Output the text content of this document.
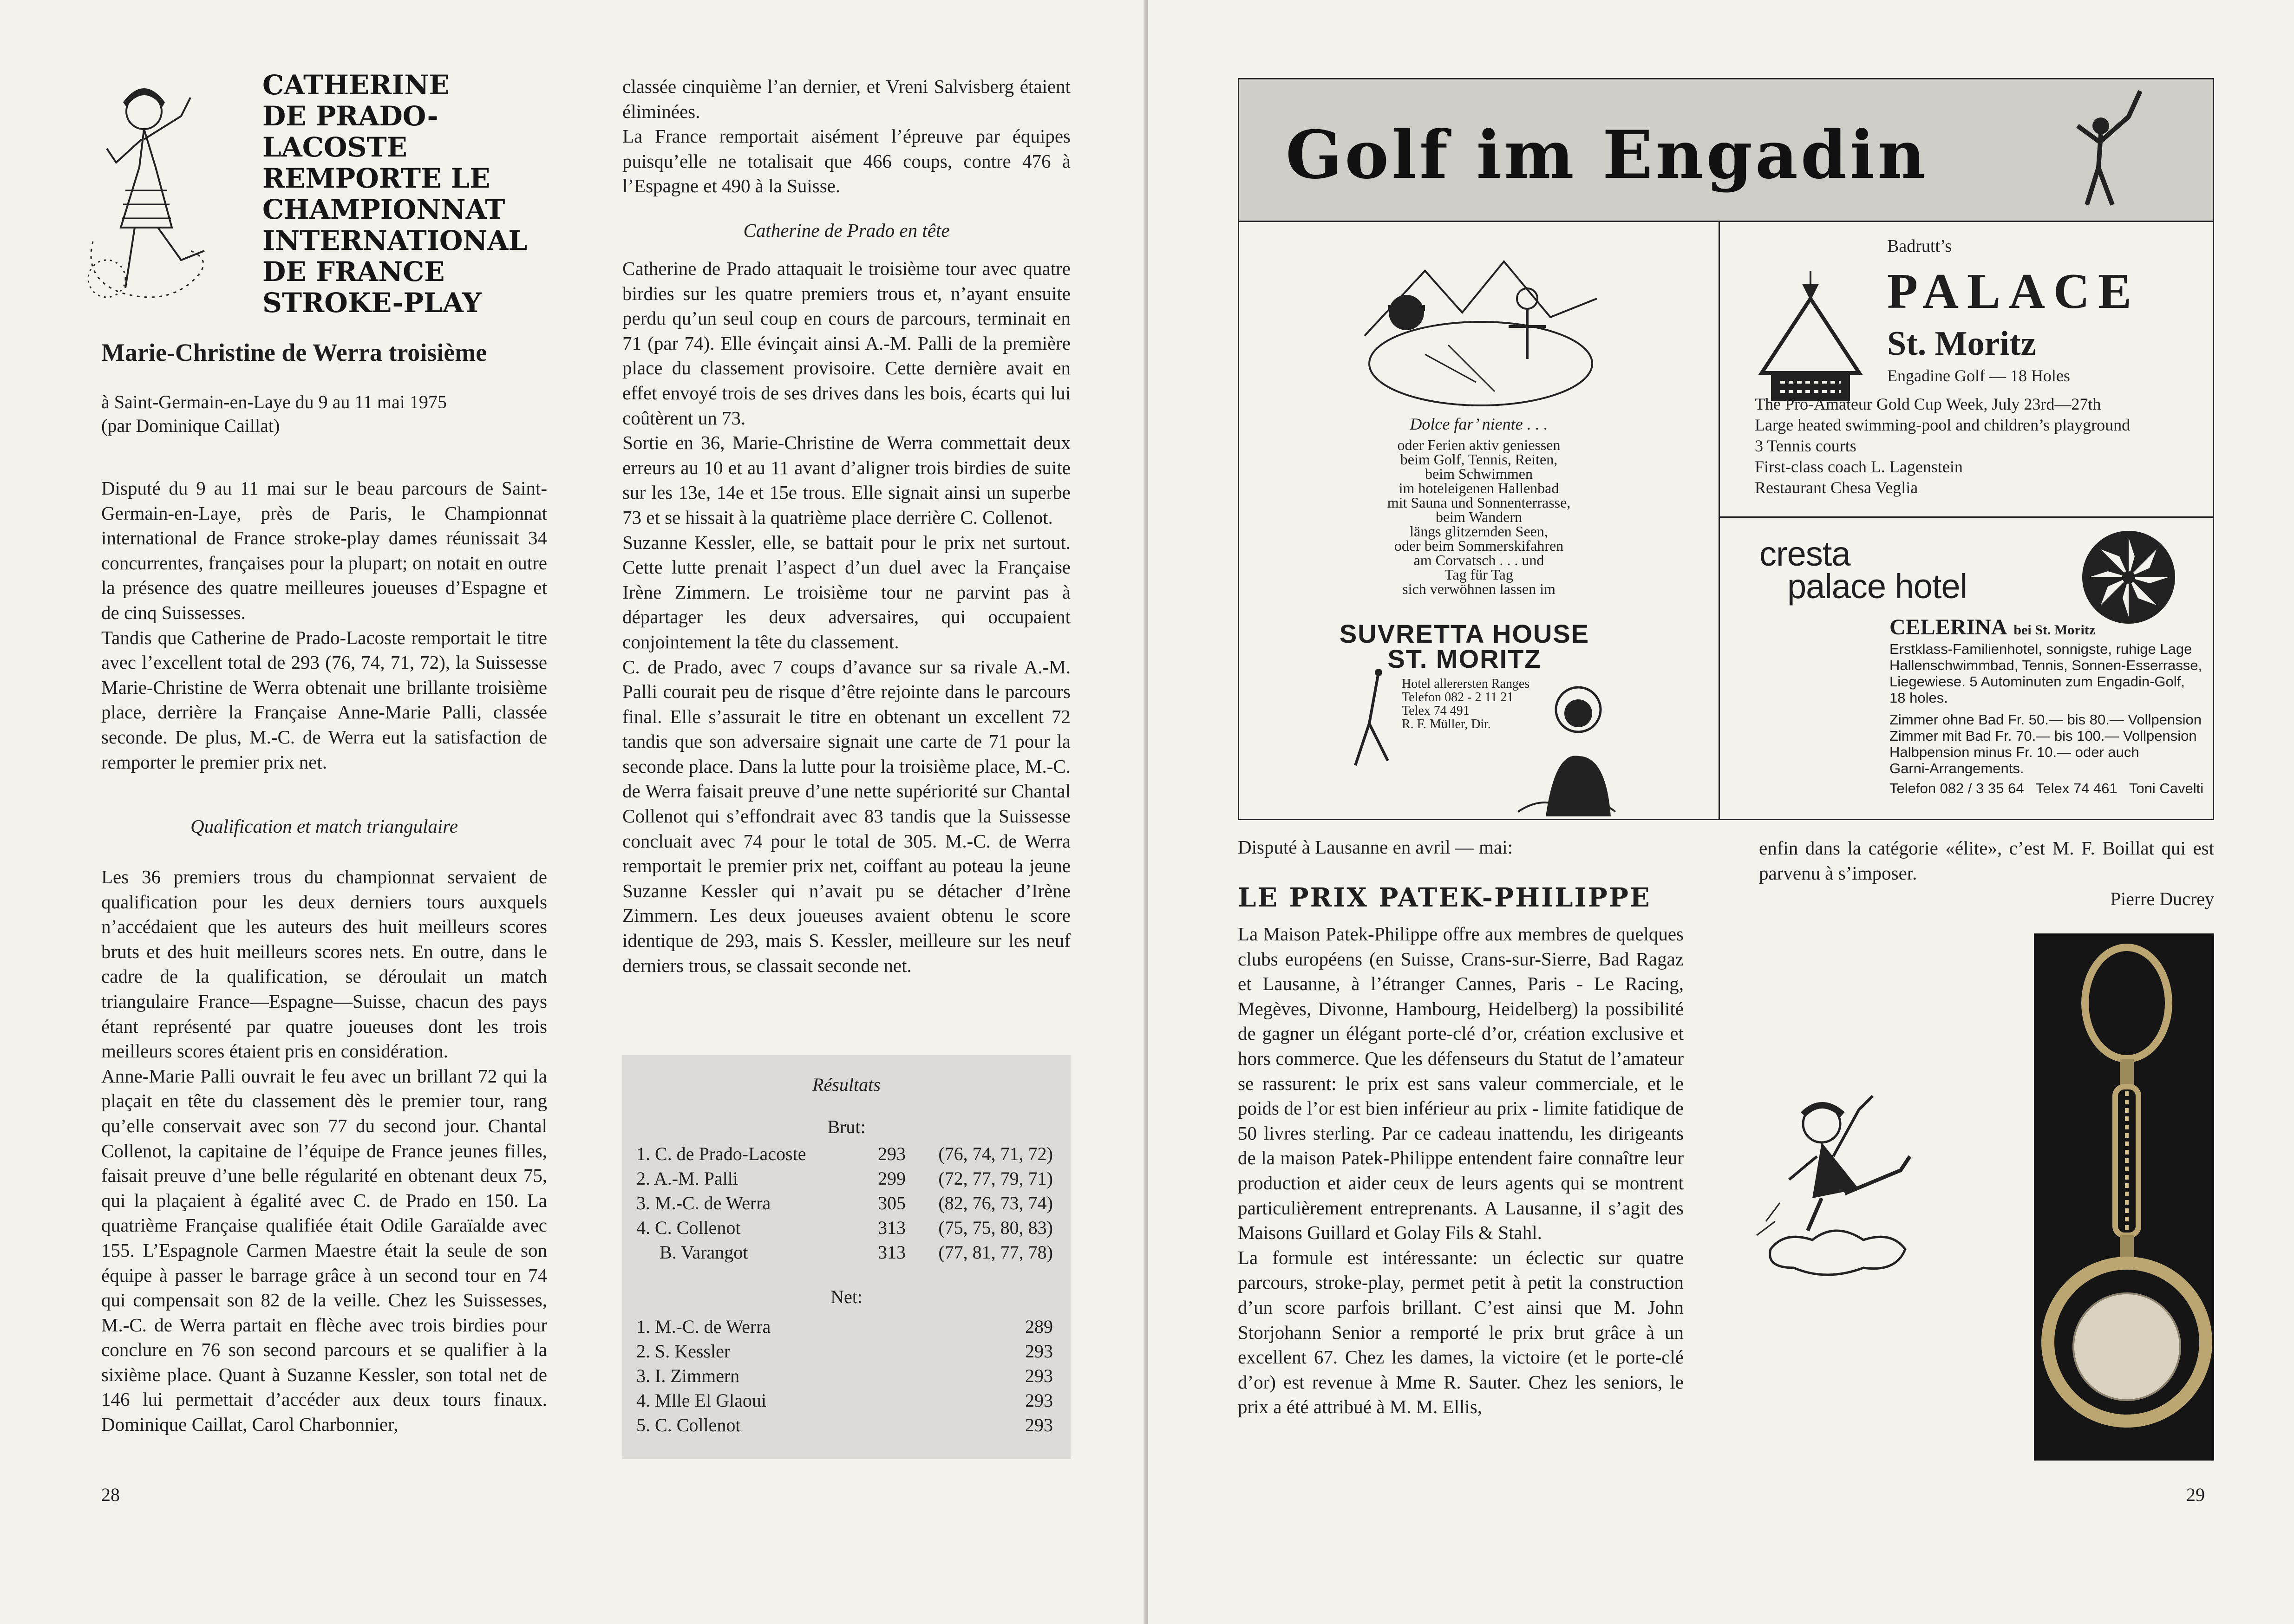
CATHERINE
DE PRADO-LACOSTE
REMPORTE LE
CHAMPIONNAT
INTERNATIONAL
DE FRANCE
STROKE-PLAY
Marie-Christine de Werra troisième
à Saint-Germain-en-Laye du 9 au 11 mai 1975
(par Dominique Caillat)

Disputé du 9 au 11 mai sur le beau parcours de Saint-Germain-en-Laye, près de Paris, le Championnat international de France stroke-play dames réunissait 34 concurrentes, françaises pour la plupart; on notait en outre la présence des quatre meilleures joueuses d’Espagne et de cinq Suissesses.

Tandis que Catherine de Prado-Lacoste remportait le titre avec l’excellent total de 293 (76, 74, 71, 72), la Suissesse Marie-Christine de Werra obtenait une brillante troisième place, derrière la Française Anne-Marie Palli, classée seconde. De plus, M.-C. de Werra eut la satisfaction de remporter le premier prix net.

Qualification et match triangulaire

Les 36 premiers trous du championnat servaient de qualification pour les deux derniers tours auxquels n’accédaient que les auteurs des huit meilleurs scores bruts et des huit meilleurs scores nets. En outre, dans le cadre de la qualification, se déroulait un match triangulaire France—Espagne—Suisse, chacun des pays étant représenté par quatre joueuses dont les trois meilleurs scores étaient pris en considération.

Anne-Marie Palli ouvrait le feu avec un brillant 72 qui la plaçait en tête du classement dès le premier tour, rang qu’elle conservait avec son 77 du second jour. Chantal Collenot, la capitaine de l’équipe de France jeunes filles, faisait preuve d’une belle régularité en obtenant deux 75, qui la plaçaient à égalité avec C. de Prado en 150. La quatrième Française qualifiée était Odile Garaïalde avec 155. L’Espagnole Carmen Maestre était la seule de son équipe à passer le barrage grâce à un second tour en 74 qui compensait son 82 de la veille. Chez les Suissesses, M.-C. de Werra partait en flèche avec trois birdies pour conclure en 76 son second parcours et se qualifier à la sixième place. Quant à Suzanne Kessler, son total net de 146 lui permettait d’accéder aux deux tours finaux. Dominique Caillat, Carol Charbonnier,

classée cinquième l’an dernier, et Vreni Salvisberg étaient éliminées.

La France remportait aisément l’épreuve par équipes puisqu’elle ne totalisait que 466 coups, contre 476 à l’Espagne et 490 à la Suisse.

Catherine de Prado en tête

Catherine de Prado attaquait le troisième tour avec quatre birdies sur les quatre premiers trous et, n’ayant ensuite perdu qu’un seul coup en cours de parcours, terminait en 71 (par 74). Elle évinçait ainsi A.-M. Palli de la première place du classement provisoire. Cette dernière avait en effet envoyé trois de ses drives dans les bois, écarts qui lui coûtèrent un 73.

Sortie en 36, Marie-Christine de Werra commettait deux erreurs au 10 et au 11 avant d’aligner trois birdies de suite sur les 13e, 14e et 15e trous. Elle signait ainsi un superbe 73 et se hissait à la quatrième place derrière C. Collenot.

Suzanne Kessler, elle, se battait pour le prix net surtout. Cette lutte prenait l’aspect d’un duel avec la Française Irène Zimmern. Le troisième tour ne parvint pas à départager les deux adversaires, qui occupaient conjointement la tête du classement.

C. de Prado, avec 7 coups d’avance sur sa rivale A.-M. Palli courait peu de risque d’être rejointe dans le parcours final. Elle s’assurait le titre en obtenant un excellent 72 tandis que son adversaire signait une carte de 71 pour la seconde place. Dans la lutte pour la troisième place, M.-C. de Werra faisait preuve d’une nette supériorité sur Chantal Collenot qui s’effondrait avec 83 tandis que la Suissesse concluait avec 74 pour le total de 305. M.-C. de Werra remportait le premier prix net, coiffant au poteau la jeune Suzanne Kessler qui n’avait pu se détacher d’Irène Zimmern. Les deux joueuses avaient obtenu le score identique de 293, mais S. Kessler, meilleure sur les neuf derniers trous, se classait seconde net.

Résultats
Brut:
1. C. de Prado-Lacoste	293	(76, 74, 71, 72)
2. A.-M. Palli	299	(72, 77, 79, 71)
3. M.-C. de Werra	305	(82, 76, 73, 74)
4. C. Collenot	313	(75, 75, 80, 83)
B. Varangot	313	(77, 81, 77, 78)
Net:
1. M.-C. de Werra	289
2. S. Kessler	293
3. I. Zimmern	293
4. Mlle El Glaoui	293
5. C. Collenot	293
28
Golf im Engadin
Dolce far’ niente . . .
oder Ferien aktiv geniessen
beim Golf, Tennis, Reiten,
beim Schwimmen
im hoteleigenen Hallenbad
mit Sauna und Sonnenterrasse,
beim Wandern
längs glitzernden Seen,
oder beim Sommerskifahren
am Corvatsch . . . und
Tag für Tag
sich verwöhnen lassen im
SUVRETTA HOUSE
ST. MORITZ
Hotel allerersten Ranges
Telefon 082 - 2 11 21
Telex 74 491
R. F. Müller, Dir.
Badrutt’s
PALACE
St. Moritz
Engadine Golf — 18 Holes
The Pro-Amateur Gold Cup Week, July 23rd—27th
Large heated swimming-pool and children’s playground
3 Tennis courts
First-class coach L. Lagenstein
Restaurant Chesa Veglia
cresta
palace hotel
CELERINA bei St. Moritz
Erstklass-Familienhotel, sonnigste, ruhige Lage
Hallenschwimmbad, Tennis, Sonnen-Esserrasse,
Liegewiese. 5 Autominuten zum Engadin-Golf,
18 holes.
Zimmer ohne Bad Fr. 50.— bis 80.— Vollpension
Zimmer mit Bad Fr. 70.— bis 100.— Vollpension
Halbpension minus Fr. 10.— oder auch
Garni-Arrangements.
Telefon 082 / 3 35 64   Telex 74 461   Toni Cavelti
Disputé à Lausanne en avril — mai:
LE PRIX PATEK-PHILIPPE

La Maison Patek-Philippe offre aux membres de quelques clubs européens (en Suisse, Crans-sur-Sierre, Bad Ragaz et Lausanne, à l’étranger Cannes, Paris - Le Racing, Megèves, Divonne, Hambourg, Heidelberg) la possibilité de gagner un élégant porte-clé d’or, création exclusive et hors commerce. Que les défenseurs du Statut de l’amateur se rassurent: le prix est sans valeur commerciale, et le poids de l’or est bien inférieur au prix - limite fatidique de 50 livres sterling. Par ce cadeau inattendu, les dirigeants de la maison Patek-Philippe entendent faire connaître leur production et aider ceux de leurs agents qui se montrent particulièrement entreprenants. A Lausanne, il s’agit des Maisons Guillard et Golay Fils & Stahl.

La formule est intéressante: un éclectic sur quatre parcours, stroke-play, permet petit à petit la construction d’un score parfois brillant. C’est ainsi que M. John Storjohann Senior a remporté le prix brut grâce à un excellent 67. Chez les dames, la victoire (et le porte-clé d’or) est revenue à Mme R. Sauter. Chez les seniors, le prix a été attribué à M. M. Ellis,

enfin dans la catégorie «élite», c’est M. F. Boillat qui est parvenu à s’imposer.
Pierre Ducrey
29
